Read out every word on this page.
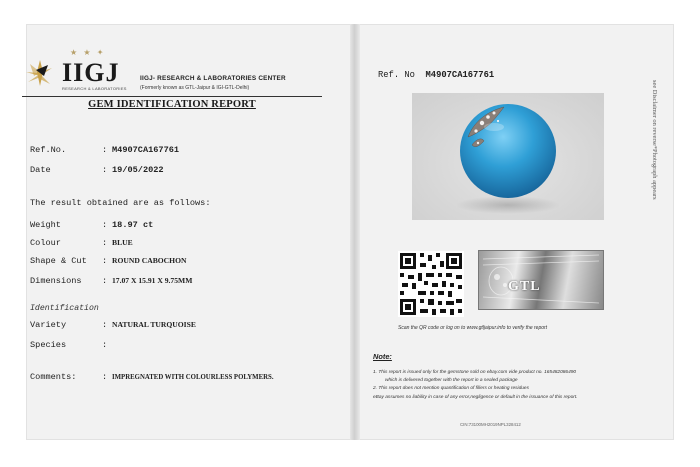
★ ★ ✦
IIGJ
RESEARCH & LABORATORIES
IIGJ- RESEARCH & LABORATORIES CENTER
(Formerly known as GTL-Jaipur & IGI-GTL-Delhi)
GEM IDENTIFICATION REPORT
Ref.No.	: M4907CA167761
Date	: 19/05/2022
The result obtained are as follows:
Weight	: 18.97 ct
Colour	: BLUE
Shape & Cut : ROUND CABOCHON
Dimensions : 17.07 X 15.91 X 9.75MM
Identification
Variety	: NATURAL TURQUOISE
Species	:
Comments:	: IMPREGNATED WITH COLOURLESS POLYMERS.
Ref. No M4907CA167761
see Disclaimer on reverse*Photograph appears
GTL
Scan the QR code or log on to www.gtljaipur.info to verify the report
Note:

1. This report is issued only for the gemstone sold on ebay.com vide product no. 165482086490

which is delivered together with the report in a sealed package

2. This report does not mention quantification of fillers or heating residues

eBay assumes no liability in case of any error,negligence or default in the issuance of this report.

CIN:73100MH2019NPL328412
